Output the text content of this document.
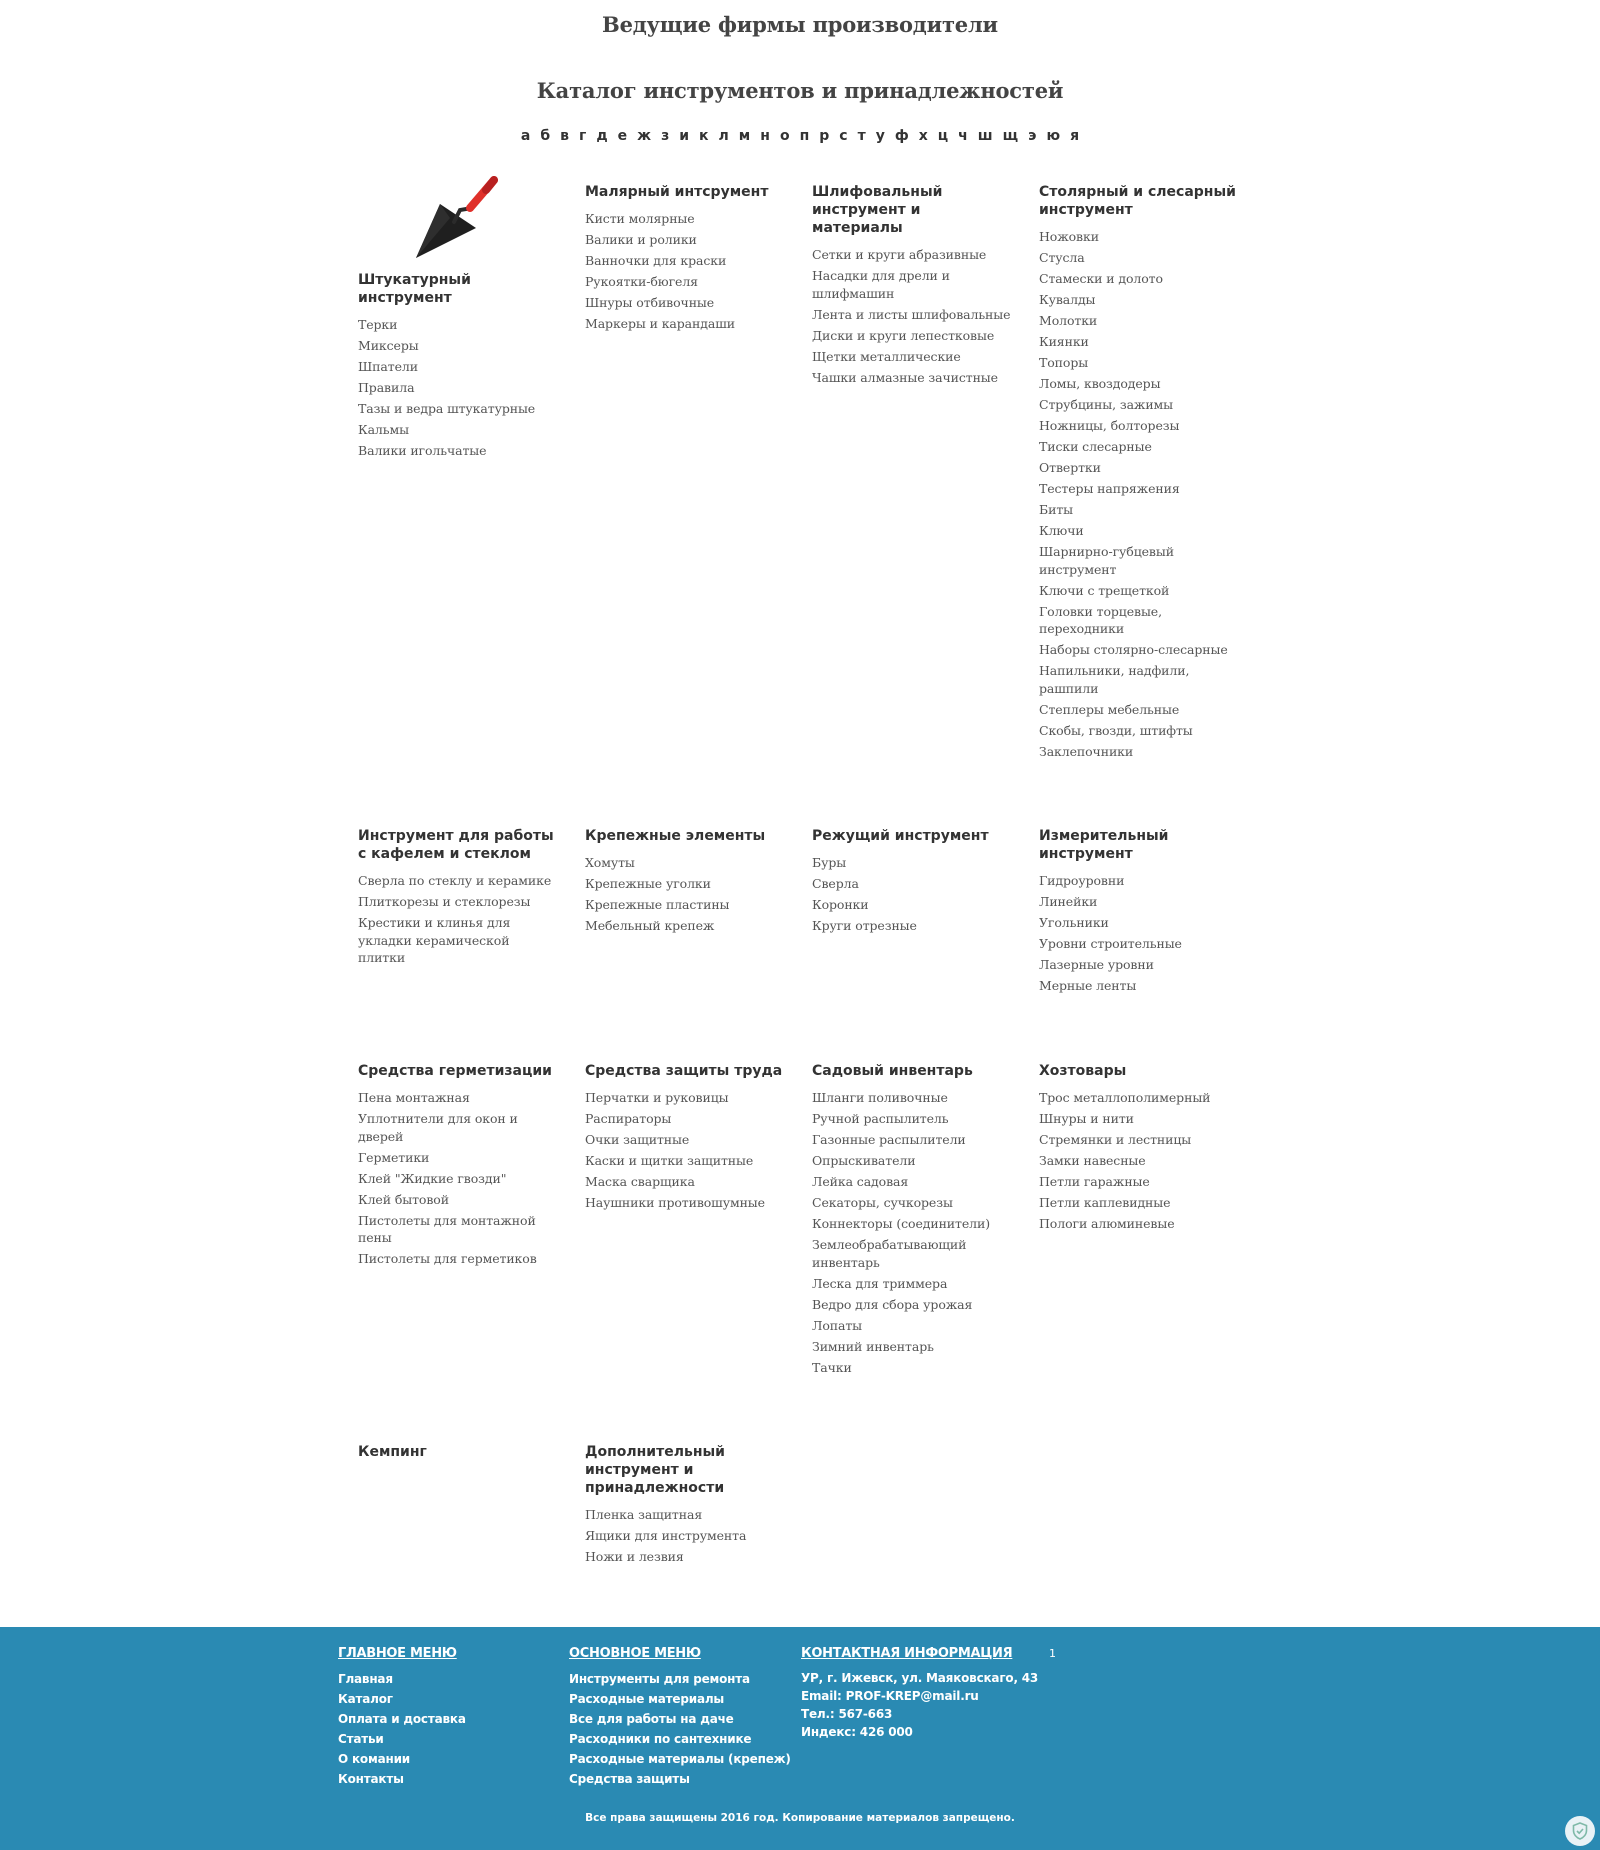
Ведущие фирмы производители
Каталог инструментов и принадлежностей
а б в г д е ж з и к л м н о п р с т у ф х ц ч ш щ э ю я
Штукатурный инструмент
Терки
Миксеры
Шпатели
Правила
Тазы и ведра штукатурные
Кальмы
Валики игольчатые
Малярный интсрумент
Кисти молярные
Валики и ролики
Ванночки для краски
Рукоятки-бюгеля
Шнуры отбивочные
Маркеры и карандаши
Шлифовальный инструмент и материалы
Сетки и круги абразивные
Насадки для дрели и шлифмашин
Лента и листы шлифовальные
Диски и круги лепестковые
Щетки металлические
Чашки алмазные зачистные
Столярный и слесарный инструмент
Ножовки
Стусла
Стамески и долото
Кувалды
Молотки
Киянки
Топоры
Ломы, квоздодеры
Струбцины, зажимы
Ножницы, болторезы
Тиски слесарные
Отвертки
Тестеры напряжения
Биты
Ключи
Шарнирно-губцевый инструмент
Ключи с трещеткой
Головки торцевые, переходники
Наборы столярно-слесарные
Напильники, надфили, рашпили
Степлеры мебельные
Скобы, гвозди, штифты
Заклепочники
Инструмент для работы с кафелем и стеклом
Сверла по стеклу и керамике
Плиткорезы и стеклорезы
Крестики и клинья для укладки керамической плитки
Крепежные элементы
Хомуты
Крепежные уголки
Крепежные пластины
Мебельный крепеж
Режущий инструмент
Буры
Сверла
Коронки
Круги отрезные
Измерительный инструмент
Гидроуровни
Линейки
Угольники
Уровни строительные
Лазерные уровни
Мерные ленты
Средства герметизации
Пена монтажная
Уплотнители для окон и дверей
Герметики
Клей "Жидкие гвозди"
Клей бытовой
Пистолеты для монтажной пены
Пистолеты для герметиков
Средства защиты труда
Перчатки и руковицы
Распираторы
Очки защитные
Каски и щитки защитные
Маска сварщика
Наушники противошумные
Садовый инвентарь
Шланги поливочные
Ручной распылитель
Газонные распылители
Опрыскиватели
Лейка садовая
Секаторы, сучкорезы
Коннекторы (соединители)
Землеобрабатывающий инвентарь
Леска для триммера
Ведро для сбора урожая
Лопаты
Зимний инвентарь
Тачки
Хозтовары
Трос металлополимерный
Шнуры и нити
Стремянки и лестницы
Замки навесные
Петли гаражные
Петли каплевидные
Пологи алюминевые
Кемпинг	Дополнительный инструмент и принадлежности
Пленка защитная
Ящики для инструмента
Ножи и лезвия
ГЛАВНОЕ МЕНЮ
Главная
Каталог
Оплата и доставка
Статьи
О комании
Контакты
ОСНОВНОЕ МЕНЮ
Инструменты для ремонта
Расходные материалы
Все для работы на даче
Расходники по сантехнике
Расходные материалы (крепеж)
Средства защиты
КОНТАКТНАЯ ИНФОРМАЦИЯ
УР, г. Ижевск, ул. Маяковскаго, 43
Email: PROF-KREP@mail.ru
Тел.: 567-663
Индекс: 426 000
1
Все права защищены 2016 год. Копирование материалов запрещено.
